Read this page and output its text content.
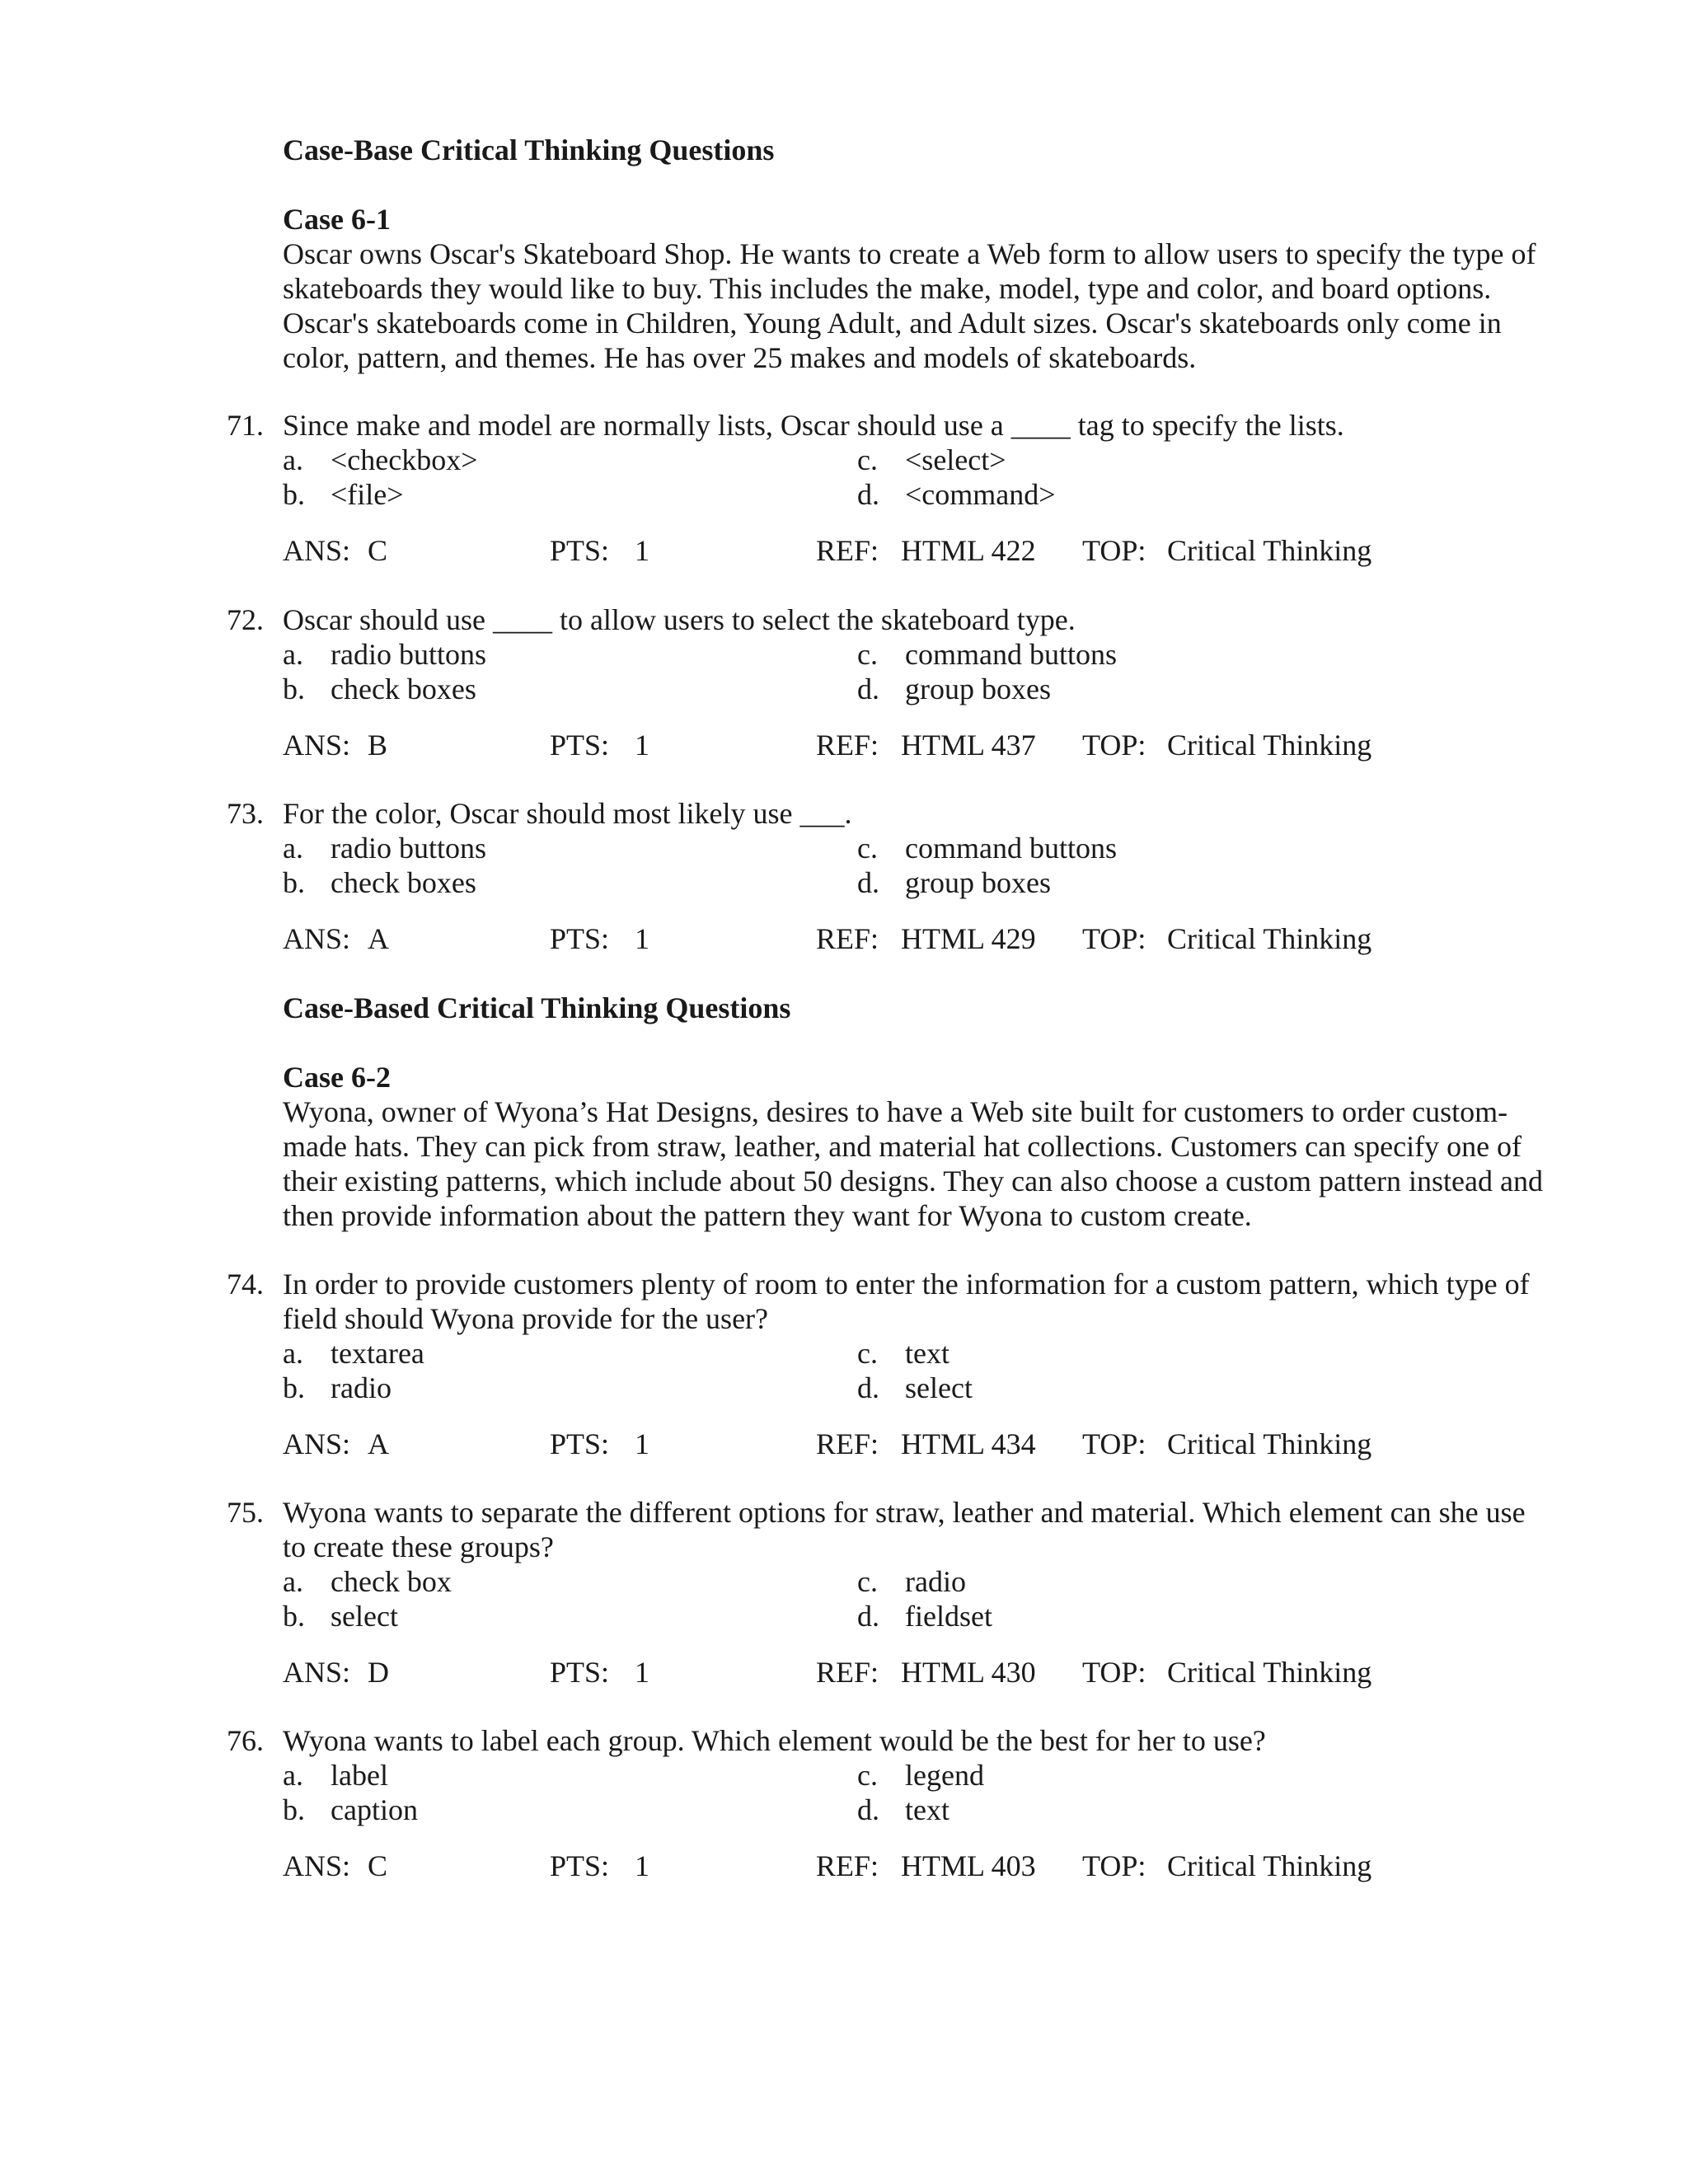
Case-Base Critical Thinking Questions
Case 6-1
Oscar owns Oscar's Skateboard Shop. He wants to create a Web form to allow users to specify the type of skateboards they would like to buy. This includes the make, model, type and color, and board options. Oscar's skateboards come in Children, Young Adult, and Adult sizes. Oscar's skateboards only come in color, pattern, and themes. He has over 25 makes and models of skateboards.
71. Since make and model are normally lists, Oscar should use a ____ tag to specify the lists.
a. <checkbox>
b. <file>
c. <select>
d. <command>
ANS: C	PTS: 1	REF: HTML 422 TOP: Critical Thinking
72. Oscar should use ____ to allow users to select the skateboard type.
a. radio buttons
b. check boxes
c. command buttons
d. group boxes
ANS: B	PTS: 1	REF: HTML 437 TOP: Critical Thinking
73. For the color, Oscar should most likely use ___.
a. radio buttons
b. check boxes
c. command buttons
d. group boxes
ANS: A	PTS: 1	REF: HTML 429 TOP: Critical Thinking
Case-Based Critical Thinking Questions
Case 6-2
Wyona, owner of Wyona’s Hat Designs, desires to have a Web site built for customers to order custom-made hats. They can pick from straw, leather, and material hat collections. Customers can specify one of their existing patterns, which include about 50 designs. They can also choose a custom pattern instead and then provide information about the pattern they want for Wyona to custom create.
74. In order to provide customers plenty of room to enter the information for a custom pattern, which type of field should Wyona provide for the user?
a. textarea
b. radio
c. text
d. select
ANS: A	PTS: 1	REF: HTML 434 TOP: Critical Thinking
75. Wyona wants to separate the different options for straw, leather and material. Which element can she use to create these groups?
a. check box
b. select
c. radio
d. fieldset
ANS: D	PTS: 1	REF: HTML 430 TOP: Critical Thinking
76. Wyona wants to label each group. Which element would be the best for her to use?
a. label
b. caption
c. legend
d. text
ANS: C	PTS: 1	REF: HTML 403 TOP: Critical Thinking
